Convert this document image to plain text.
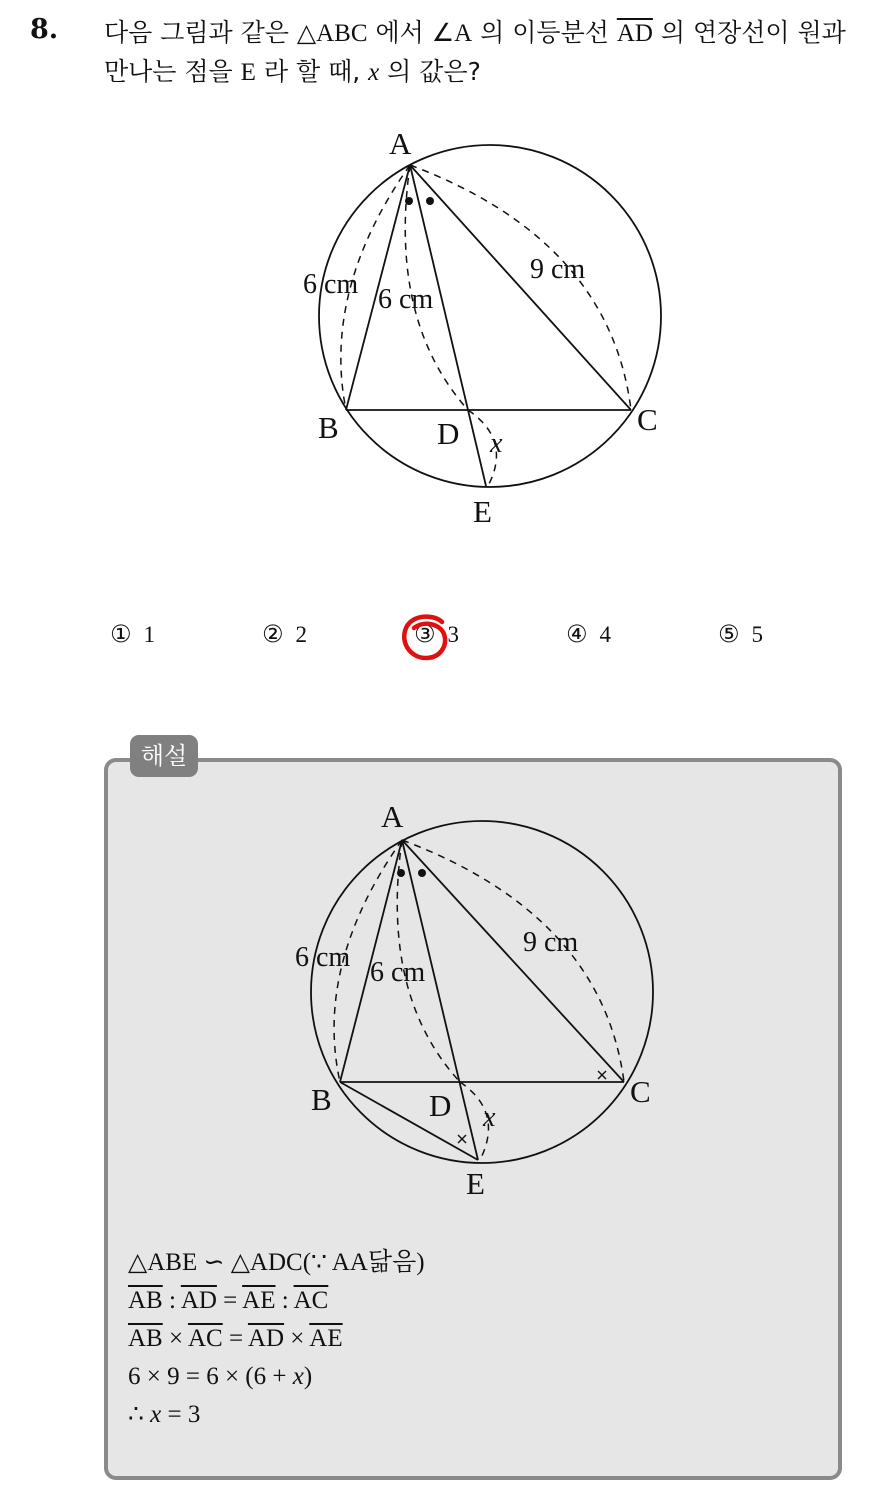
8. 다음 그림과 같은 △ABC 에서 ∠A 의 이등분선 $\overline{AD}$ 의 연장선이 원과 만나는 점을 E 라 할 때, x 의 값은?
A
B	C
D
E
x
6 cm 6 cm
9 cm
① 1	② 2	③ 3	④ 4	⑤ 5
해설
A
B	C
D
E
x
6 cm 6 cm
9 cm
△ABE ∽ △ADC(∵ AA닮음)
$\overline{AB}$ : $\overline{AD} = \overline{AE}$ : $\overline{AC}$
$\overline{AB} \times \overline{AC} = \overline{AD} \times \overline{AE}$
6 × 9 = 6 × (6 + x)
∴ x = 3
